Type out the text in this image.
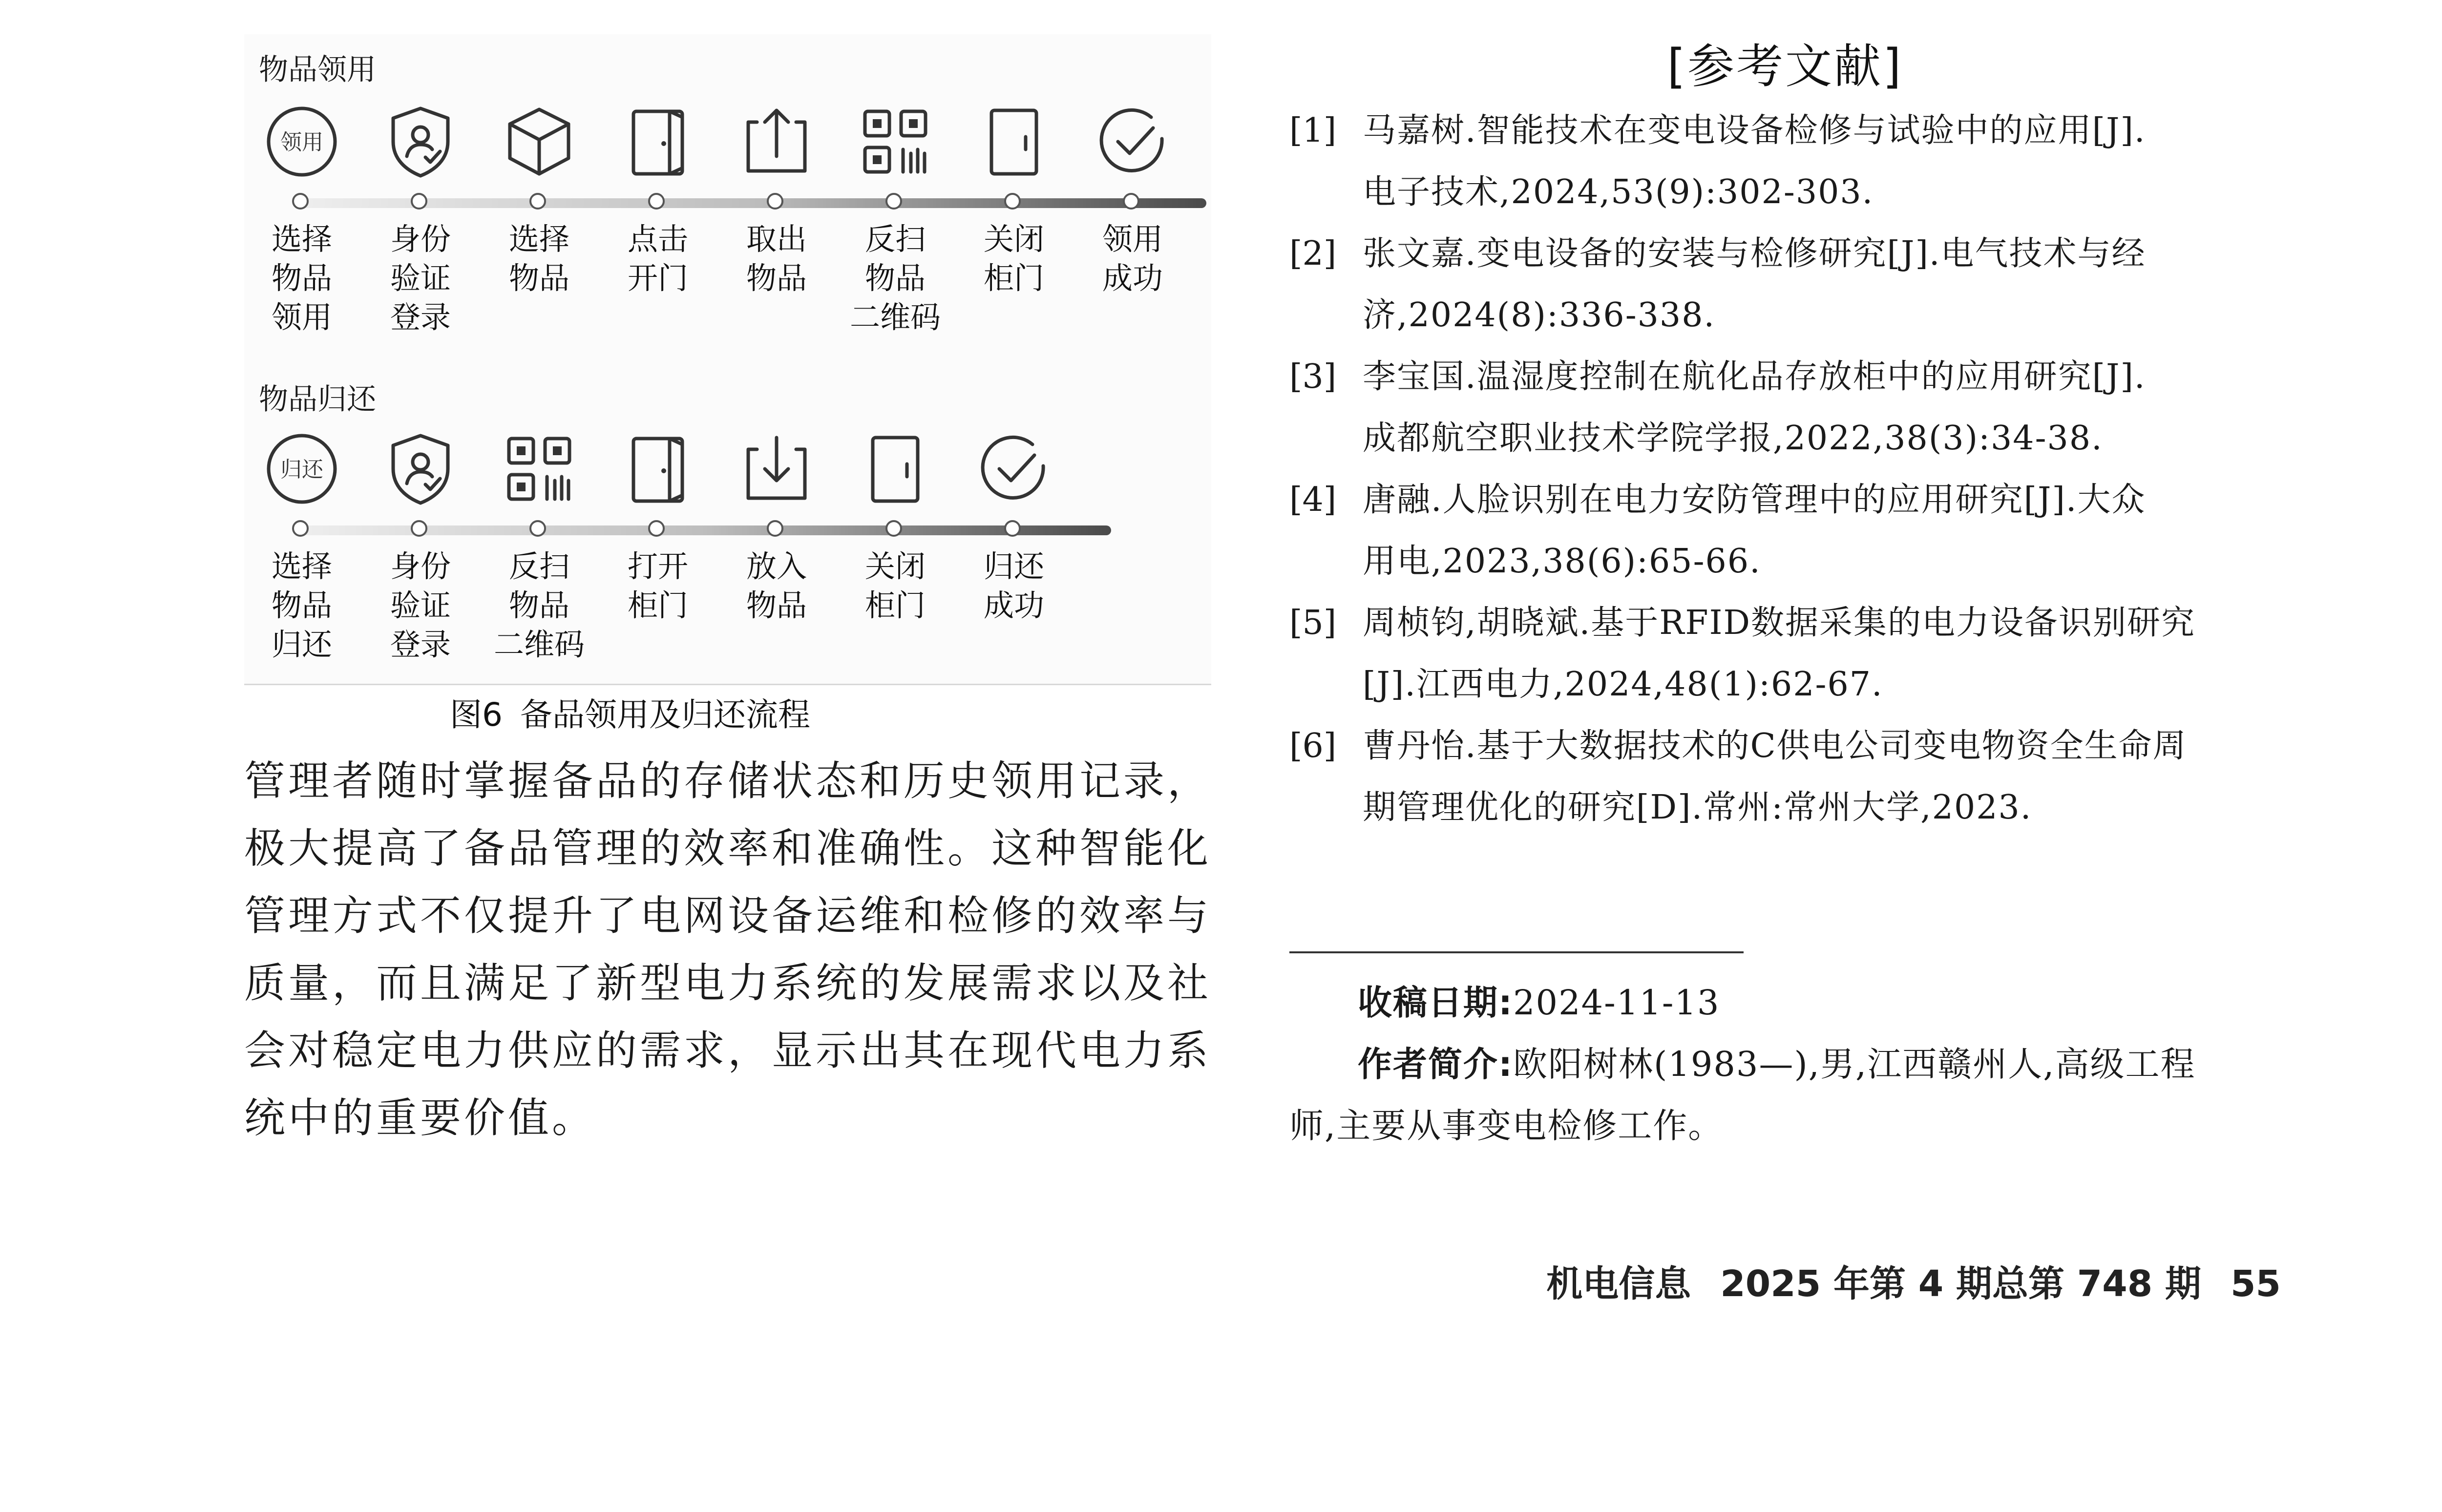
物品领用
领用
选择
物品
领用
身份
验证
登录
选择
物品
点击
开门
取出
物品
反扫
物品
二维码
关闭
柜门
领用
成功
物品归还
归还
选择
物品
归还
身份
验证
登录
反扫
物品
二维码
打开
柜门
放入
物品
关闭
柜门
归还
成功
图6 备品领用及归还流程
管理者随时掌握备品的存储状态和历史领用记录，
极大提高了备品管理的效率和准确性。这种智能化
管理方式不仅提升了电网设备运维和检修的效率与
质量，而且满足了新型电力系统的发展需求以及社
会对稳定电力供应的需求，显示出其在现代电力系
统中的重要价值。
[参考文献]
[1] 马嘉树.智能技术在变电设备检修与试验中的应用[J].
电子技术,2024,53(9):302-303.
[2] 张文嘉.变电设备的安装与检修研究[J].电气技术与经
济,2024(8):336-338.
[3] 李宝国.温湿度控制在航化品存放柜中的应用研究[J].
成都航空职业技术学院学报,2022,38(3):34-38.
[4] 唐融.人脸识别在电力安防管理中的应用研究[J].大众
用电,2023,38(6):65-66.
[5] 周桢钧,胡晓斌.基于RFID数据采集的电力设备识别研究
[J].江西电力,2024,48(1):62-67.
[6] 曹丹怡.基于大数据技术的C供电公司变电物资全生命周
期管理优化的研究[D].常州:常州大学,2023.
收稿日期:2024-11-13
作者简介:欧阳树林(1983—),男,江西赣州人,高级工程
师,主要从事变电检修工作。
机电信息 2025 年第 4 期总第 748 期 55
